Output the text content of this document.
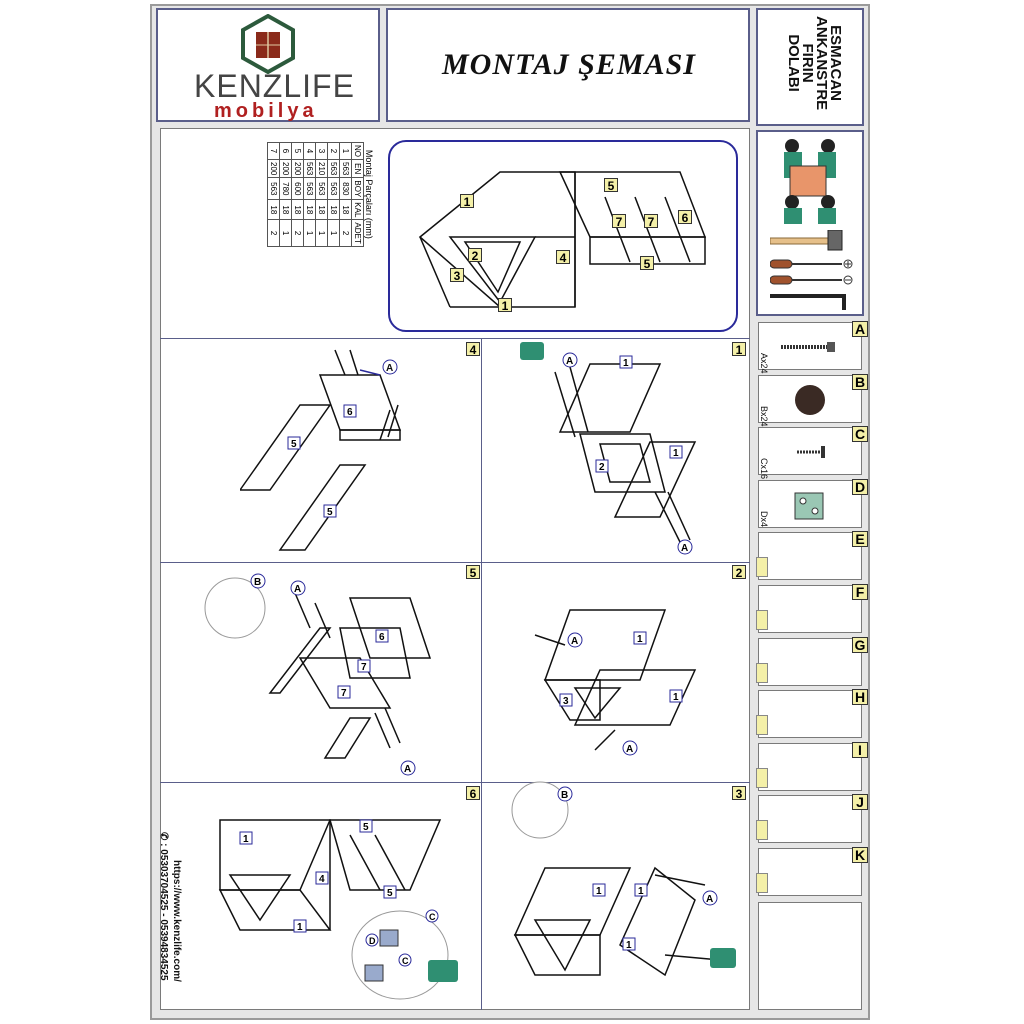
KENZLIFE
mobilya
MONTAJ ŞEMASI	ESMACAN
ANKANSTRE
FIRIN
DOLABI
Montaj Parçaları (mm)
NO	EN	BOY	KAL	ADET
1	563	830	18	2
2	563	563	18	1
3	210	563	18	1
4	563	563	18	1
5	200	600	18	2
6	200	780	18	1
7	200	563	18	2
1
2
3
4
5
6
7	7
5
1
1
2
3
4
5
6
A
6
5
5
A
A
1
2
1
B
A
A
6
7
7
A
A
1
3	1
C
C
D
1
5
4
1
5
B
A
1	1
1
https://www.kenzlife.com/
✆ : 05303704525 - 05394834525
A
Ax24
B
Bx24
C
Cx16
D
Dx4
E
F
G
H
I
J
K
